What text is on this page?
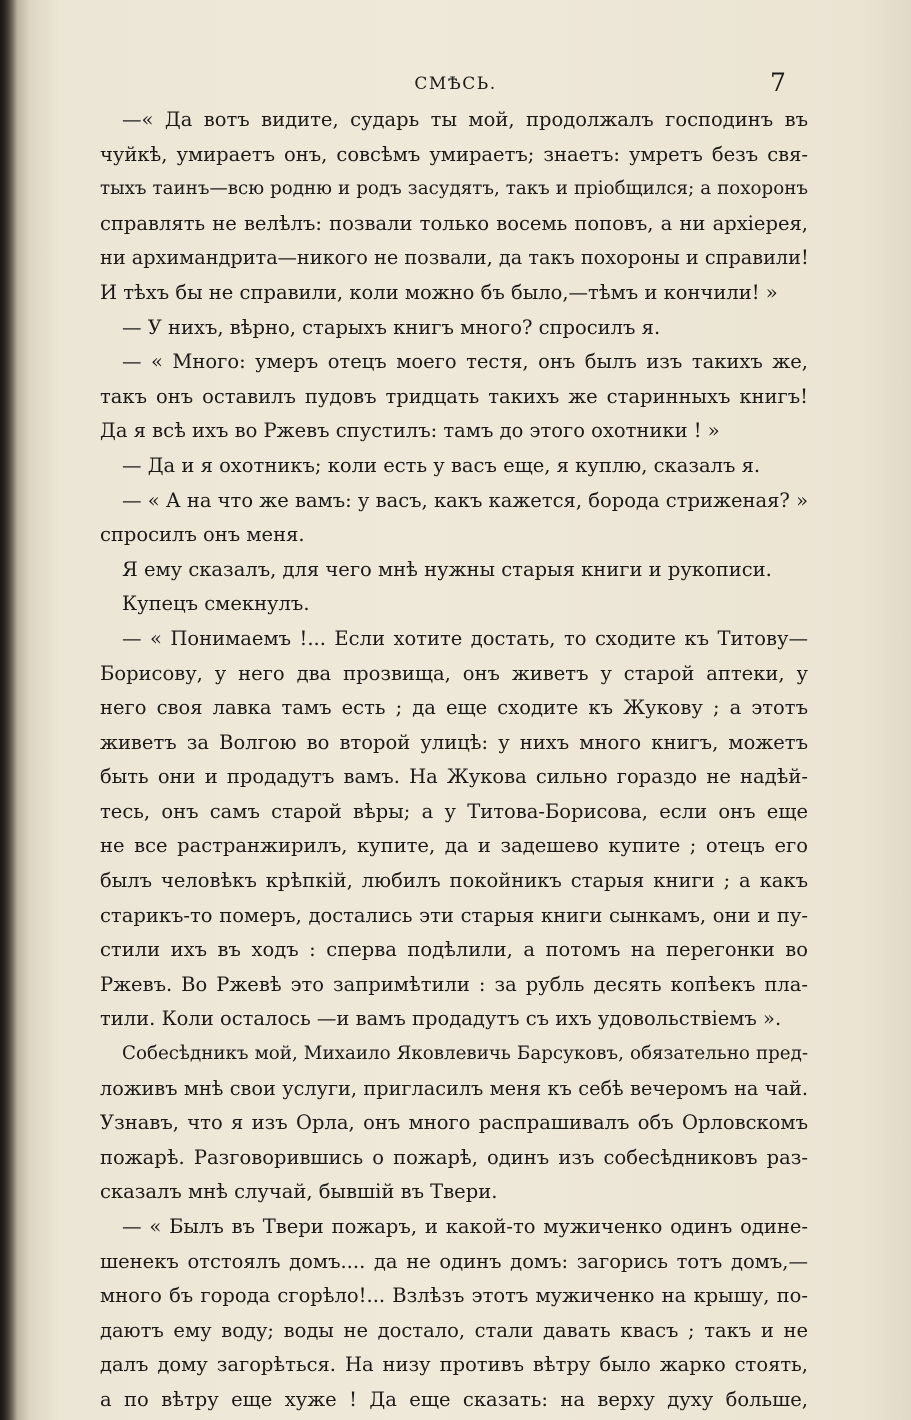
СМѢСЬ.	7
—« Да вотъ видите, сударь ты мой, продолжалъ господинъ въ
чуйкѣ, умираетъ онъ, совсѣмъ умираетъ; знаетъ: умретъ безъ свя-
тыхъ таинъ—всю родню и родъ засудятъ, такъ и пріобщился; а похоронъ
справлять не велѣлъ: позвали только восемь поповъ, а ни архіерея,
ни архимандрита—никого не позвали, да такъ похороны и справили!
И тѣхъ бы не справили, коли можно бъ было,—тѣмъ и кончили! »
— У нихъ, вѣрно, старыхъ книгъ много? спросилъ я.
— « Много: умеръ отецъ моего тестя, онъ былъ изъ такихъ же,
такъ онъ оставилъ пудовъ тридцать такихъ же старинныхъ книгъ!
Да я всѣ ихъ во Ржевъ спустилъ: тамъ до этого охотники ! »
— Да и я охотникъ; коли есть у васъ еще, я куплю, сказалъ я.
— « А на что же вамъ: у васъ, какъ кажется, борода стриженая? »
спросилъ онъ меня.
Я ему сказалъ, для чего мнѣ нужны старыя книги и рукописи.
Купецъ смекнулъ.
— « Понимаемъ !... Если хотите достать, то сходите къ Титову—
Борисову, у него два прозвища, онъ живетъ у старой аптеки, у
него своя лавка тамъ есть ; да еще сходите къ Жукову ; а этотъ
живетъ за Волгою во второй улицѣ: у нихъ много книгъ, можетъ
быть они и продадутъ вамъ. На Жукова сильно гораздо не надѣй-
тесь, онъ самъ старой вѣры; а у Титова-Борисова, если онъ еще
не все растранжирилъ, купите, да и задешево купите ; отецъ его
былъ человѣкъ крѣпкій, любилъ покойникъ старыя книги ; а какъ
старикъ-то померъ, достались эти старыя книги сынкамъ, они и пу-
стили ихъ въ ходъ : сперва подѣлили, а потомъ на перегонки во
Ржевъ. Во Ржевѣ это запримѣтили : за рубль десять копѣекъ пла-
тили. Коли осталось —и вамъ продадутъ съ ихъ удовольствіемъ ».
Собесѣдникъ мой, Михаило Яковлевичь Барсуковъ, обязательно пред-
ложивъ мнѣ свои услуги, пригласилъ меня къ себѣ вечеромъ на чай.
Узнавъ, что я изъ Орла, онъ много распрашивалъ объ Орловскомъ
пожарѣ. Разговорившись о пожарѣ, одинъ изъ собесѣдниковъ раз-
сказалъ мнѣ случай, бывшій въ Твери.
— « Былъ въ Твери пожаръ, и какой-то мужиченко одинъ одине-
шенекъ отстоялъ домъ.... да не одинъ домъ: загорись тотъ домъ,—
много бъ города сгорѣло!... Взлѣзъ этотъ мужиченко на крышу, по-
даютъ ему воду; воды не достало, стали давать квасъ ; такъ и не
далъ дому загорѣться. На низу противъ вѣтру было жарко стоять,
а по вѣтру еще хуже ! Да еще сказать: на верху духу больше,
